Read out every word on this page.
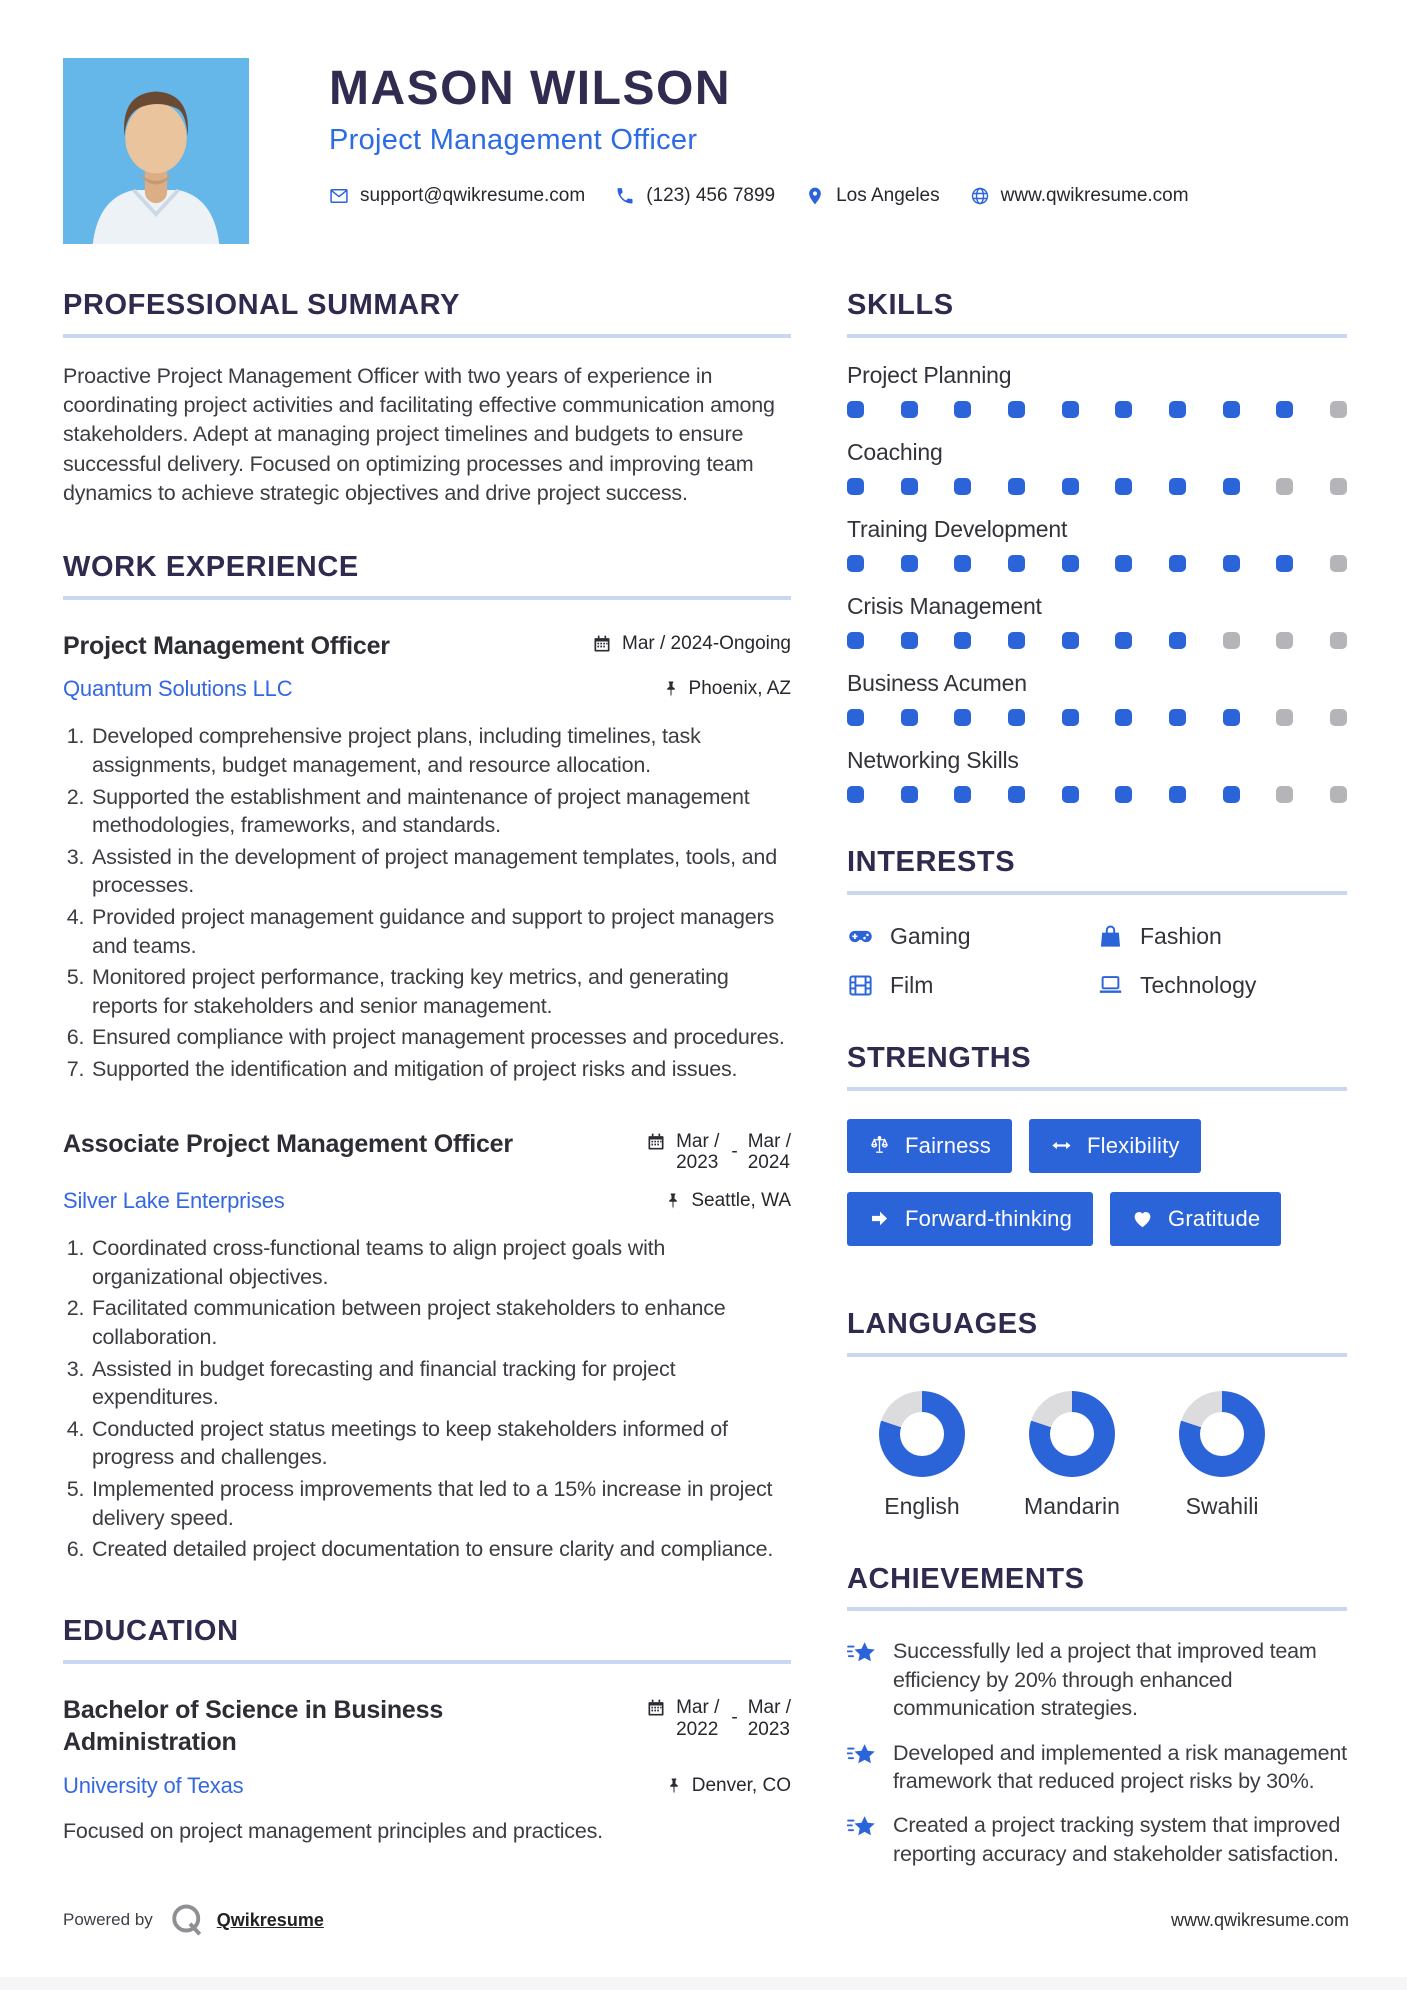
MASON WILSON
Project Management Officer
support@qwikresume.com	(123) 456 7899	Los Angeles	www.qwikresume.com
PROFESSIONAL SUMMARY

Proactive Project Management Officer with two years of experience in coordinating project activities and facilitating effective communication among stakeholders. Adept at managing project timelines and budgets to ensure successful delivery. Focused on optimizing processes and improving team dynamics to achieve strategic objectives and drive project success.

WORK EXPERIENCE
Project Management Officer	Mar / 2024-Ongoing
Quantum Solutions LLC	Phoenix, AZ
1. Developed comprehensive project plans, including timelines, task assignments, budget management, and resource allocation.
2. Supported the establishment and maintenance of project management methodologies, frameworks, and standards.
3. Assisted in the development of project management templates, tools, and processes.
4. Provided project management guidance and support to project managers and teams.
5. Monitored project performance, tracking key metrics, and generating reports for stakeholders and senior management.
6. Ensured compliance with project management processes and procedures.
7. Supported the identification and mitigation of project risks and issues.
Associate Project Management Officer	Mar /
2023
- Mar /
2024
Silver Lake Enterprises	Seattle, WA
1. Coordinated cross-functional teams to align project goals with organizational objectives.
2. Facilitated communication between project stakeholders to enhance collaboration.
3. Assisted in budget forecasting and financial tracking for project expenditures.
4. Conducted project status meetings to keep stakeholders informed of progress and challenges.
5. Implemented process improvements that led to a 15% increase in project delivery speed.
6. Created detailed project documentation to ensure clarity and compliance.
EDUCATION
Bachelor of Science in Business Administration
Mar /
2022
- Mar /
2023
University of Texas	Denver, CO

Focused on project management principles and practices.

SKILLS
Project Planning
Coaching
Training Development
Crisis Management
Business Acumen
Networking Skills
INTERESTS
Gaming	Fashion
Film	Technology
STRENGTHS
Fairness	Flexibility
Forward-thinking	Gratitude
LANGUAGES
English	Mandarin	Swahili
ACHIEVEMENTS

Successfully led a project that improved team efficiency by 20% through enhanced communication strategies.

Developed and implemented a risk management framework that reduced project risks by 30%.

Created a project tracking system that improved reporting accuracy and stakeholder satisfaction.

Powered by	Qwikresume	www.qwikresume.com
